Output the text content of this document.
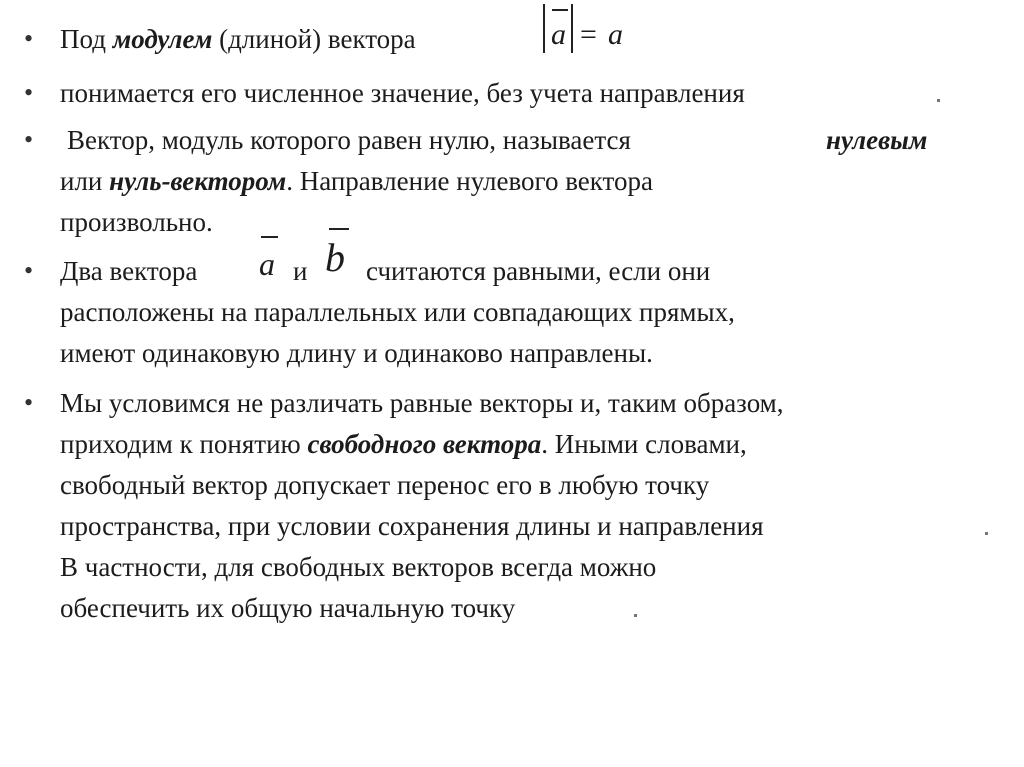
• Под модулем (длиной) вектора	a = a
• понимается его численное значение, без учета направления
• Вектор, модуль которого равен нулю, называется	нулевым
или нуль-вектором. Направление нулевого вектора
произвольно.
• Два вектора a и b считаются равными, если они
расположены на параллельных или совпадающих прямых,
имеют одинаковую длину и одинаково направлены.
• Мы условимся не различать равные векторы и, таким образом,
приходим к понятию свободного вектора. Иными словами,
свободный вектор допускает перенос его в любую точку
пространства, при условии сохранения длины и направления
В частности, для свободных векторов всегда можно
обеспечить их общую начальную точку
